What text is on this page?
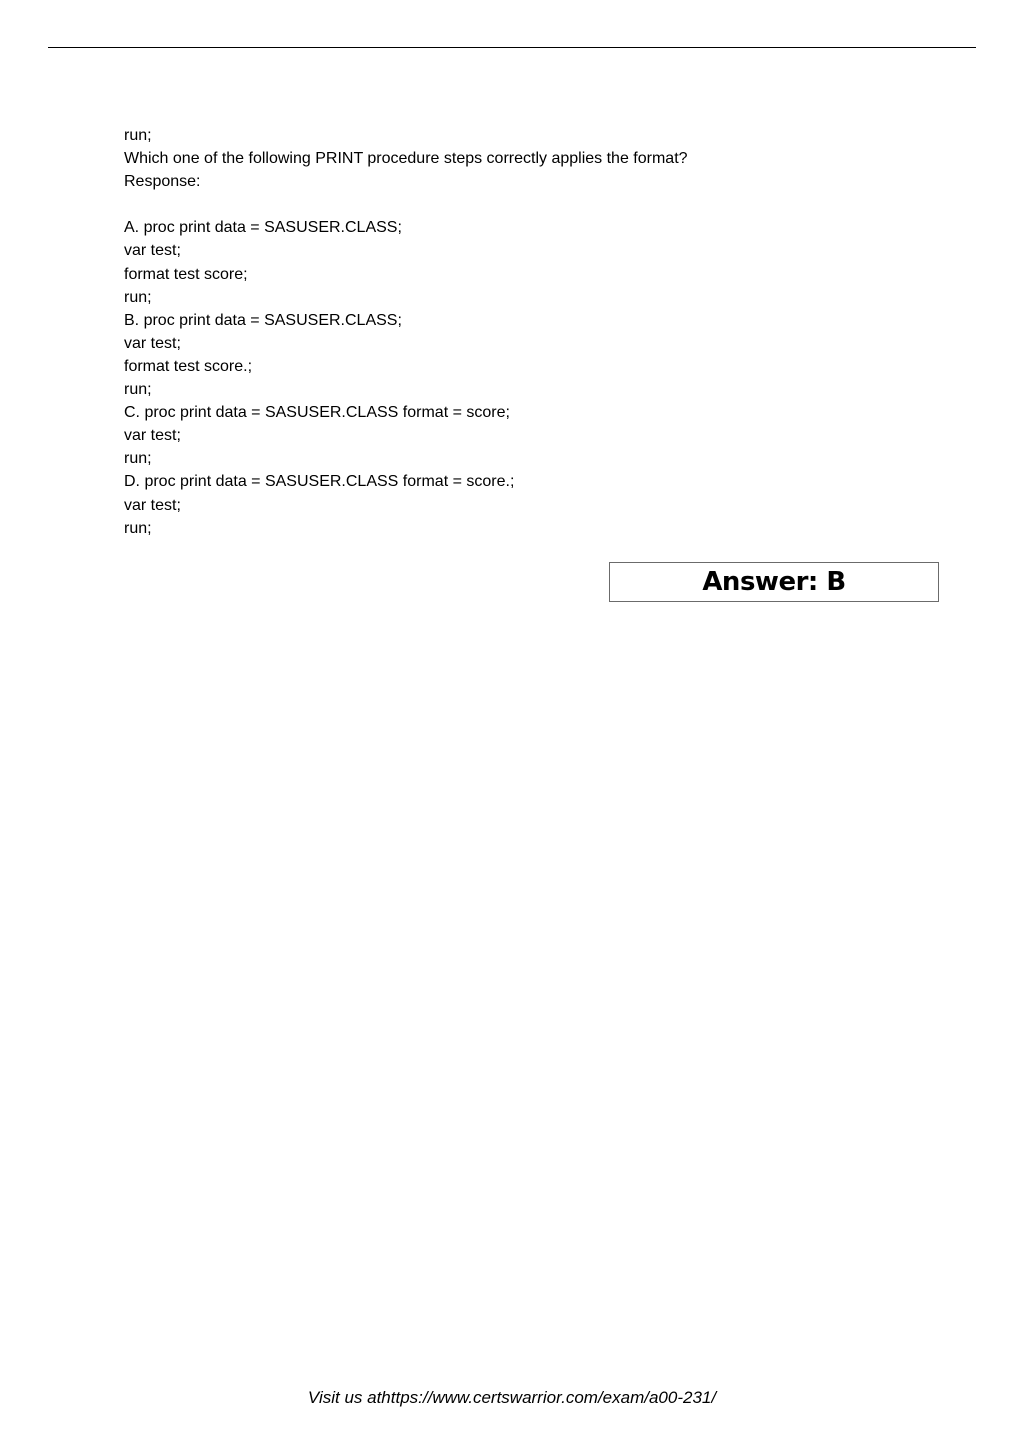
run;
Which one of the following PRINT procedure steps correctly applies the format?
Response:
A. proc print data = SASUSER.CLASS;
var test;
format test score;
run;
B. proc print data = SASUSER.CLASS;
var test;
format test score.;
run;
C. proc print data = SASUSER.CLASS format = score;
var test;
run;
D. proc print data = SASUSER.CLASS format = score.;
var test;
run;
Answer: B
Visit us athttps://www.certswarrior.com/exam/a00-231/
